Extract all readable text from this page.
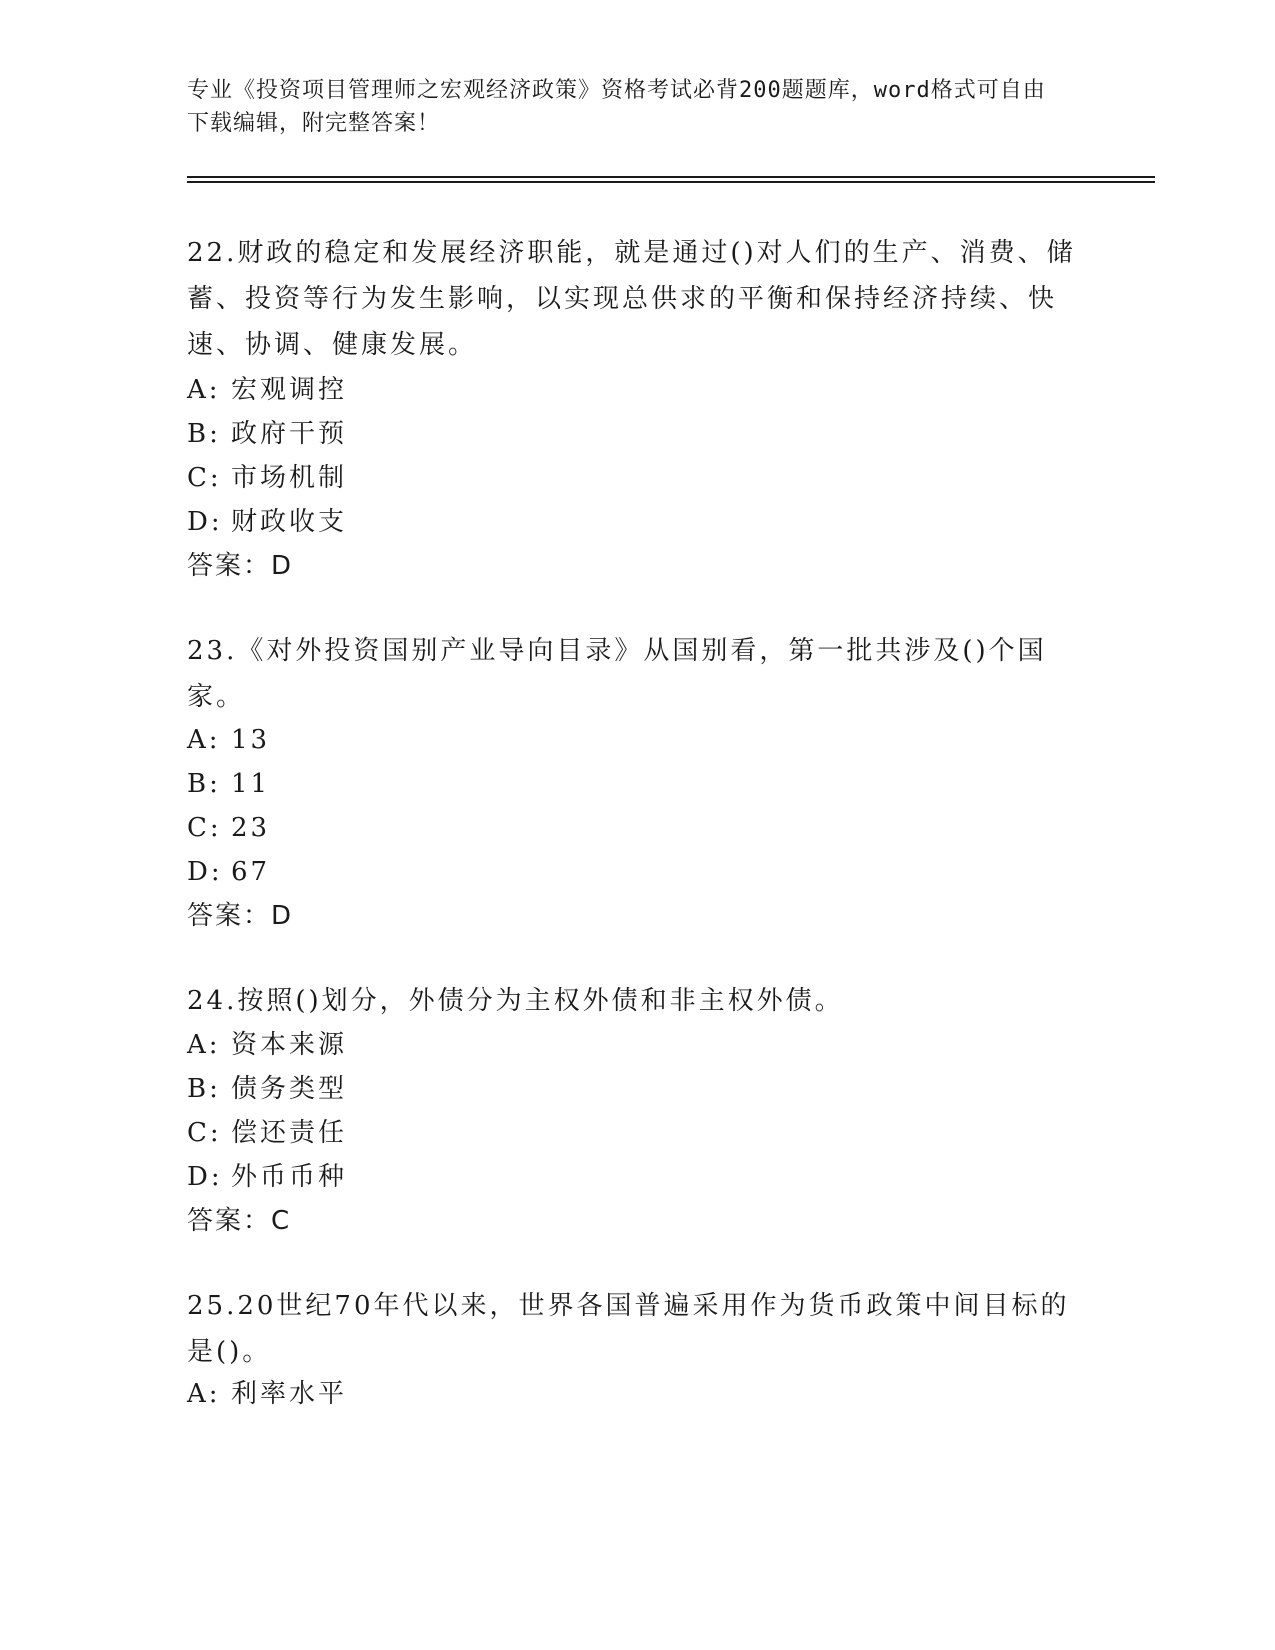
专业《投资项目管理师之宏观经济政策》资格考试必背200题题库，word格式可自由下载编辑，附完整答案！
22.财政的稳定和发展经济职能，就是通过()对人们的生产、消费、储蓄、投资等行为发生影响，以实现总供求的平衡和保持经济持续、快速、协调、健康发展。
A: 宏观调控
B: 政府干预
C: 市场机制
D: 财政收支
答案：D
23.《对外投资国别产业导向目录》从国别看，第一批共涉及()个国家。
A: 13
B: 11
C: 23
D: 67
答案：D
24.按照()划分，外债分为主权外债和非主权外债。
A: 资本来源
B: 债务类型
C: 偿还责任
D: 外币币种
答案：C
25.20世纪70年代以来，世界各国普遍采用作为货币政策中间目标的是()。
A: 利率水平
